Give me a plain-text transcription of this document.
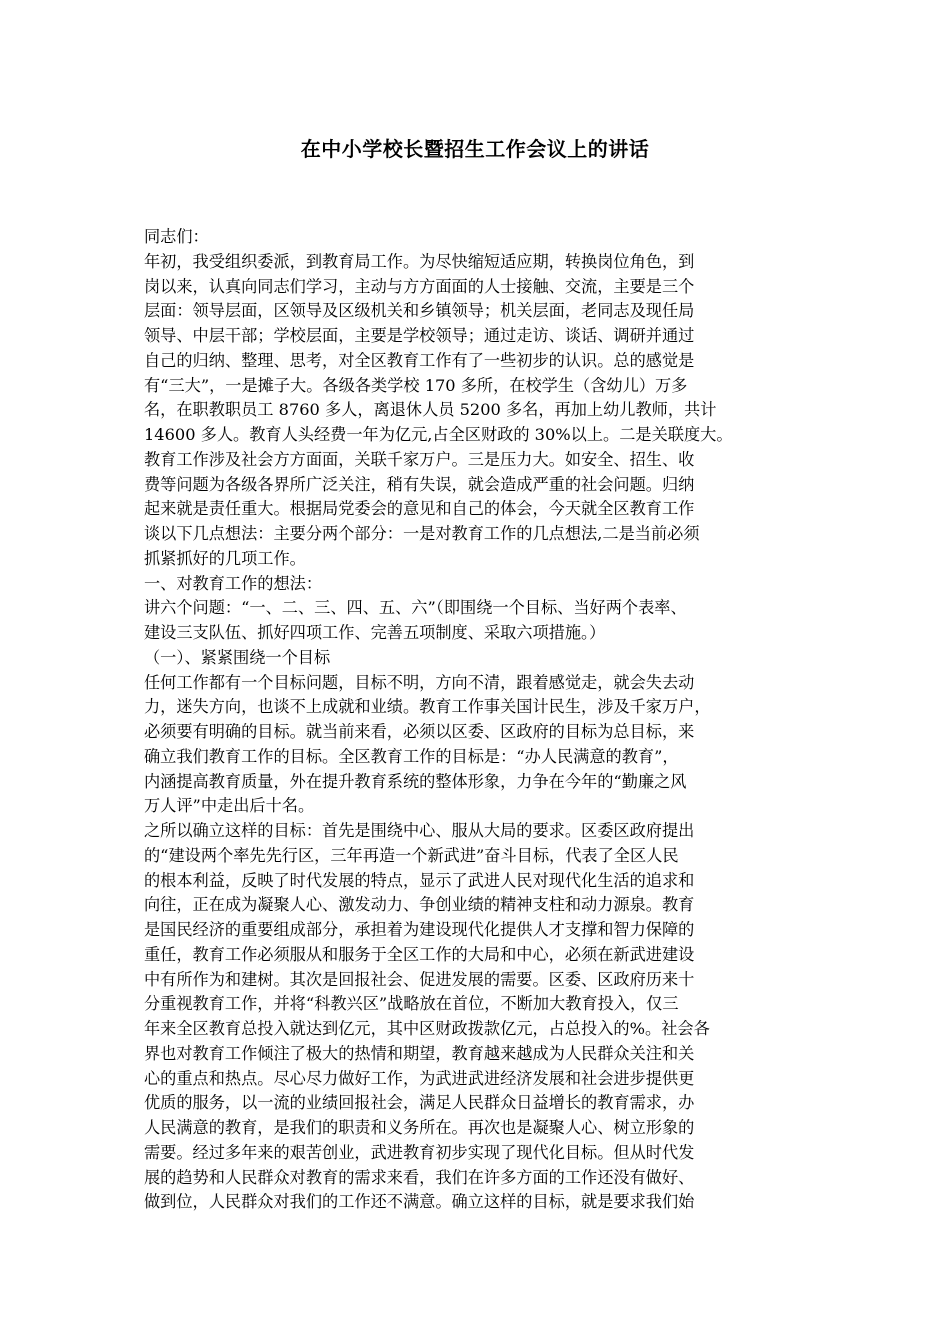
在中小学校长暨招生工作会议上的讲话
同志们：
年初，我受组织委派，到教育局工作。为尽快缩短适应期，转换岗位角色，到
岗以来，认真向同志们学习，主动与方方面面的人士接触、交流，主要是三个
层面：领导层面，区领导及区级机关和乡镇领导；机关层面，老同志及现任局
领导、中层干部；学校层面，主要是学校领导；通过走访、谈话、调研并通过
自己的归纳、整理、思考，对全区教育工作有了一些初步的认识。总的感觉是
有“三大”，一是摊子大。各级各类学校 170 多所，在校学生（含幼儿）万多
名，在职教职员工 8760 多人，离退休人员 5200 多名，再加上幼儿教师，共计
14600 多人。教育人头经费一年为亿元,占全区财政的 30%以上。二是关联度大。
教育工作涉及社会方方面面，关联千家万户。三是压力大。如安全、招生、收
费等问题为各级各界所广泛关注，稍有失误，就会造成严重的社会问题。归纳
起来就是责任重大。根据局党委会的意见和自己的体会，今天就全区教育工作
谈以下几点想法：主要分两个部分：一是对教育工作的几点想法,二是当前必须
抓紧抓好的几项工作。
一、对教育工作的想法：
讲六个问题：“一、二、三、四、五、六”（即围绕一个目标、当好两个表率、
建设三支队伍、抓好四项工作、完善五项制度、采取六项措施。）
（一）、紧紧围绕一个目标
任何工作都有一个目标问题，目标不明，方向不清，跟着感觉走，就会失去动
力，迷失方向，也谈不上成就和业绩。教育工作事关国计民生，涉及千家万户，
必须要有明确的目标。就当前来看，必须以区委、区政府的目标为总目标，来
确立我们教育工作的目标。全区教育工作的目标是：“办人民满意的教育”，
内涵提高教育质量，外在提升教育系统的整体形象，力争在今年的“勤廉之风
万人评”中走出后十名。
之所以确立这样的目标：首先是围绕中心、服从大局的要求。区委区政府提出
的“建设两个率先先行区，三年再造一个新武进”奋斗目标，代表了全区人民
的根本利益，反映了时代发展的特点，显示了武进人民对现代化生活的追求和
向往，正在成为凝聚人心、激发动力、争创业绩的精神支柱和动力源泉。教育
是国民经济的重要组成部分，承担着为建设现代化提供人才支撑和智力保障的
重任，教育工作必须服从和服务于全区工作的大局和中心，必须在新武进建设
中有所作为和建树。其次是回报社会、促进发展的需要。区委、区政府历来十
分重视教育工作，并将“科教兴区”战略放在首位，不断加大教育投入，仅三
年来全区教育总投入就达到亿元，其中区财政拨款亿元，占总投入的%。社会各
界也对教育工作倾注了极大的热情和期望，教育越来越成为人民群众关注和关
心的重点和热点。尽心尽力做好工作，为武进武进经济发展和社会进步提供更
优质的服务，以一流的业绩回报社会，满足人民群众日益增长的教育需求，办
人民满意的教育，是我们的职责和义务所在。再次也是凝聚人心、树立形象的
需要。经过多年来的艰苦创业，武进教育初步实现了现代化目标。但从时代发
展的趋势和人民群众对教育的需求来看，我们在许多方面的工作还没有做好、
做到位，人民群众对我们的工作还不满意。确立这样的目标，就是要求我们始
